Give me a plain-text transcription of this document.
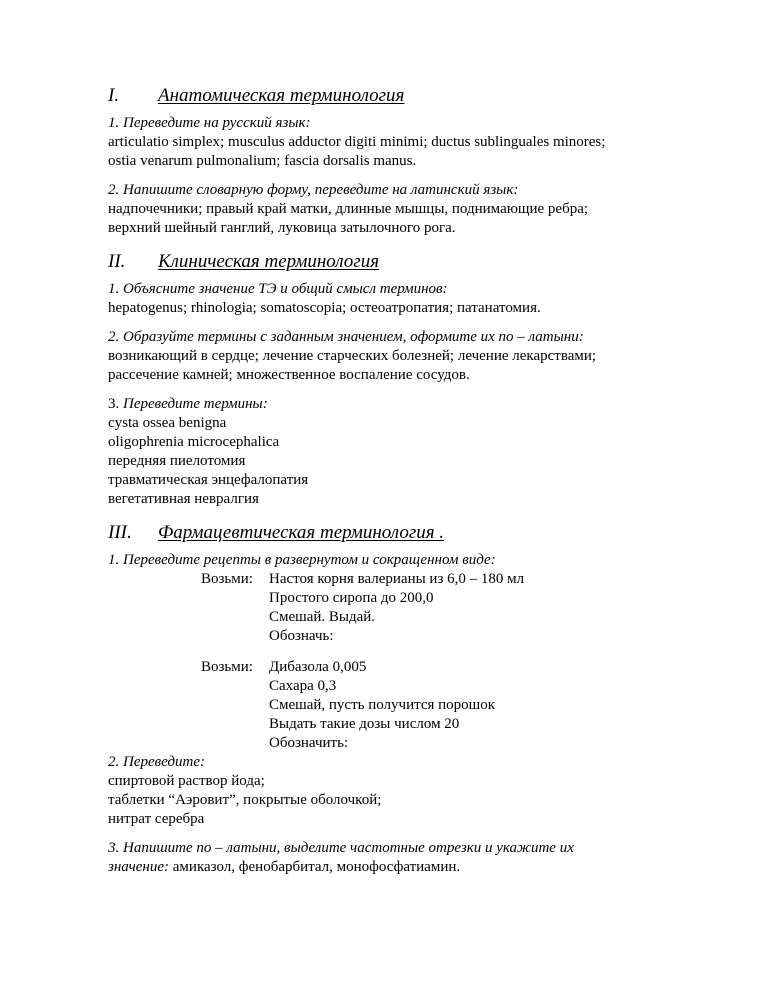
I.	Анатомическая терминология
1. Переведите на русский язык:
articulatio simplex; musculus adductor digiti minimi; ductus sublinguales minores;
ostia venarum pulmonalium; fascia dorsalis manus.
2. Напишите словарную форму, переведите на латинский язык:
надпочечники; правый край матки, длинные мышцы, поднимающие ребра;
верхний шейный ганглий, луковица затылочного рога.
II.	Клиническая терминология
1. Объясните значение ТЭ и общий смысл терминов:
hepatogenus; rhinologia; somatoscopia; остеоатропатия; патанатомия.
2. Образуйте термины с заданным значением, оформите их по – латыни:
возникающий в сердце; лечение старческих болезней; лечение лекарствами;
рассечение камней; множественное воспаление сосудов.
3. Переведите термины:
cysta ossea benigna
oligophrenia microcephalica
передняя пиелотомия
травматическая энцефалопатия
вегетативная невралгия
III.	Фармацевтическая терминология .
1. Переведите рецепты в развернутом и сокращенном виде:
Возьми:	Настоя корня валерианы из 6,0 – 180 мл
Простого сиропа до 200,0
Смешай. Выдай.
Обозначь:
Возьми:	Дибазола 0,005
Сахара 0,3
Смешай, пусть получится порошок
Выдать такие дозы числом 20
Обозначить:
2. Переведите:
спиртовой раствор йода;
таблетки “Аэровит”, покрытые оболочкой;
нитрат серебра
3. Напишите по – латыни, выделите частотные отрезки и укажите их
значение: амиказол, фенобарбитал, монофосфатиамин.
